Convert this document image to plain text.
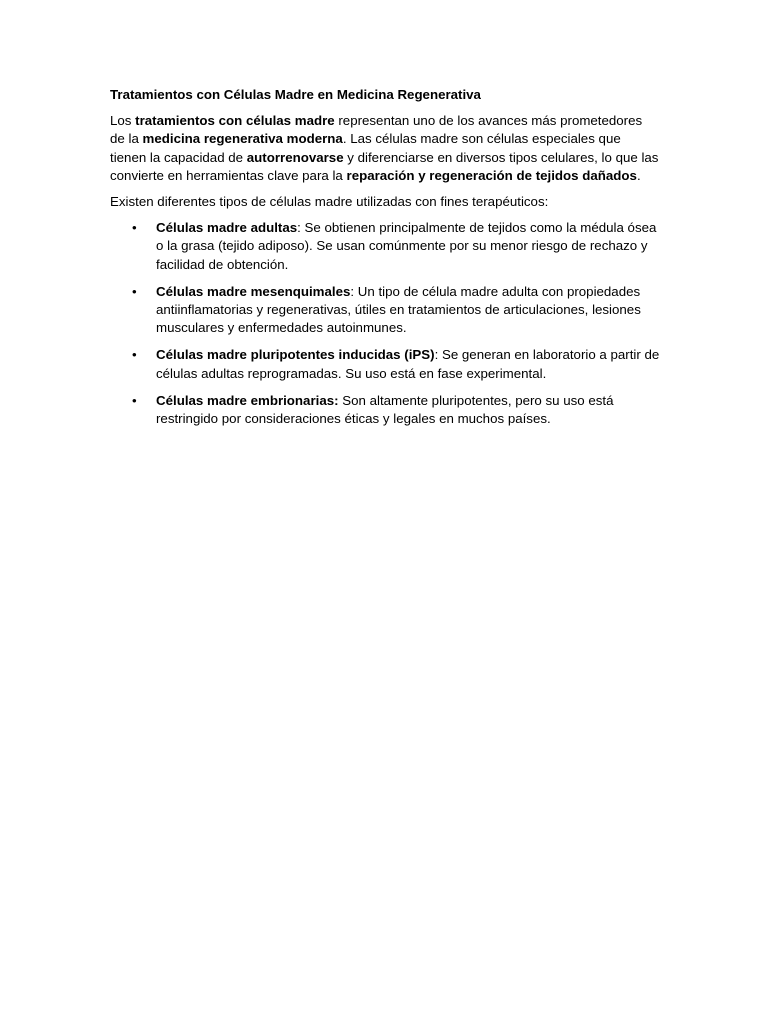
Tratamientos con Células Madre en Medicina Regenerativa

Los tratamientos con células madre representan uno de los avances más prometedores de la medicina regenerativa moderna. Las células madre son células especiales que tienen la capacidad de autorrenovarse y diferenciarse en diversos tipos celulares, lo que las convierte en herramientas clave para la reparación y regeneración de tejidos dañados.

Existen diferentes tipos de células madre utilizadas con fines terapéuticos:

• Células madre adultas: Se obtienen principalmente de tejidos como la médula ósea o la grasa (tejido adiposo). Se usan comúnmente por su menor riesgo de rechazo y facilidad de obtención.
• Células madre mesenquimales: Un tipo de célula madre adulta con propiedades antiinflamatorias y regenerativas, útiles en tratamientos de articulaciones, lesiones musculares y enfermedades autoinmunes.
• Células madre pluripotentes inducidas (iPS): Se generan en laboratorio a partir de células adultas reprogramadas. Su uso está en fase experimental.
• Células madre embrionarias: Son altamente pluripotentes, pero su uso está restringido por consideraciones éticas y legales en muchos países.
